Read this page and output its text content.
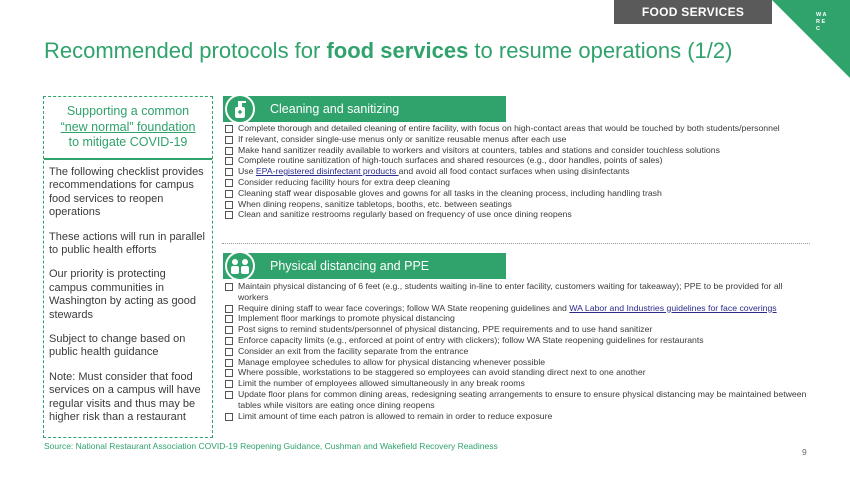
FOOD SERVICES	W A
R E
C
Recommended protocols for food services to resume operations (1/2)
Supporting a common
“new normal” foundation
to mitigate COVID-19

The following checklist provides recommendations for campus food services to reopen operations

These actions will run in parallel to public health efforts

Our priority is protecting campus communities in Washington by acting as good stewards

Subject to change based on public health guidance

Note: Must consider that food services on a campus will have regular visits and thus may be higher risk than a restaurant

Cleaning and sanitizing
Complete thorough and detailed cleaning of entire facility, with focus on high-contact areas that would be touched by both students/personnel
If relevant, consider single-use menus only or sanitize reusable menus after each use
Make hand sanitizer readily available to workers and visitors at counters, tables and stations and consider touchless solutions
Complete routine sanitization of high-touch surfaces and shared resources (e.g., door handles, points of sales)
Use EPA-registered disinfectant products and avoid all food contact surfaces when using disinfectants
Consider reducing facility hours for extra deep cleaning
Cleaning staff wear disposable gloves and gowns for all tasks in the cleaning process, including handling trash
When dining reopens, sanitize tabletops, booths, etc. between seatings
Clean and sanitize restrooms regularly based on frequency of use once dining reopens
Physical distancing and PPE
Maintain physical distancing of 6 feet (e.g., students waiting in-line to enter facility, customers waiting for takeaway); PPE to be provided for all workers
Require dining staff to wear face coverings; follow WA State reopening guidelines and WA Labor and Industries guidelines for face coverings
Implement floor markings to promote physical distancing
Post signs to remind students/personnel of physical distancing, PPE requirements and to use hand sanitizer
Enforce capacity limits (e.g., enforced at point of entry with clickers); follow WA State reopening guidelines for restaurants
Consider an exit from the facility separate from the entrance
Manage employee schedules to allow for physical distancing whenever possible
Where possible, workstations to be staggered so employees can avoid standing direct next to one another
Limit the number of employees allowed simultaneously in any break rooms
Update floor plans for common dining areas, redesigning seating arrangements to ensure to ensure physical distancing may be maintained between tables while visitors are eating once dining reopens
Limit amount of time each patron is allowed to remain in order to reduce exposure
Source: National Restaurant Association COVID-19 Reopening Guidance, Cushman and Wakefield Recovery Readiness
9
